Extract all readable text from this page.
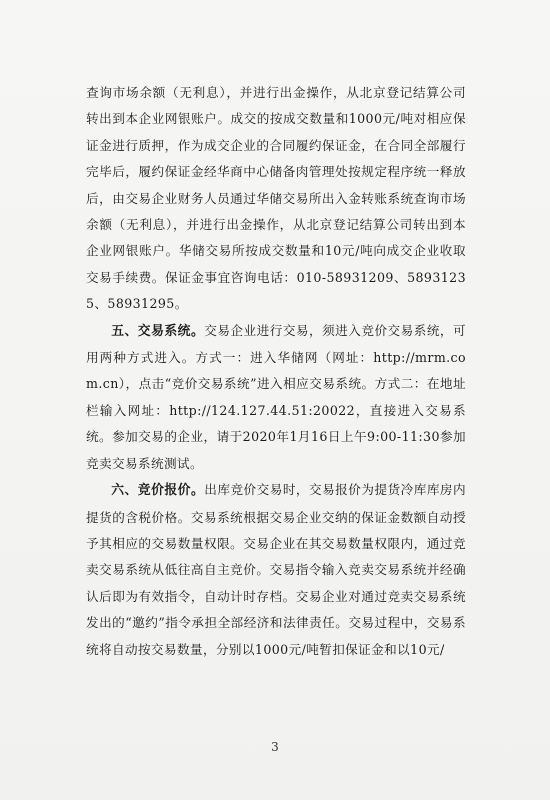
查询市场余额（无利息），并进行出金操作，从北京登记结算公司转出到本企业网银账户。成交的按成交数量和1000元/吨对相应保证金进行质押，作为成交企业的合同履约保证金，在合同全部履行完毕后，履约保证金经华商中心储备肉管理处按规定程序统一释放后，由交易企业财务人员通过华储交易所出入金转账系统查询市场余额（无利息），并进行出金操作，从北京登记结算公司转出到本企业网银账户。华储交易所按成交数量和10元/吨向成交企业收取交易手续费。保证金事宜咨询电话：010-58931209、58931235、58931295。

五、交易系统。交易企业进行交易，须进入竞价交易系统，可用两种方式进入。方式一：进入华储网（网址：http://mrm.com.cn），点击“竞价交易系统”进入相应交易系统。方式二：在地址栏输入网址：http://124.127.44.51:20022，直接进入交易系统。参加交易的企业，请于2020年1月16日上午9:00-11:30参加竞卖交易系统测试。

六、竞价报价。出库竞价交易时，交易报价为提货冷库库房内提货的含税价格。交易系统根据交易企业交纳的保证金数额自动授予其相应的交易数量权限。交易企业在其交易数量权限内，通过竞卖交易系统从低往高自主竞价。交易指令输入竞卖交易系统并经确认后即为有效指令，自动计时存档。交易企业对通过竞卖交易系统发出的“邀约”指令承担全部经济和法律责任。交易过程中，交易系统将自动按交易数量，分别以1000元/吨暂扣保证金和以10元/

3
